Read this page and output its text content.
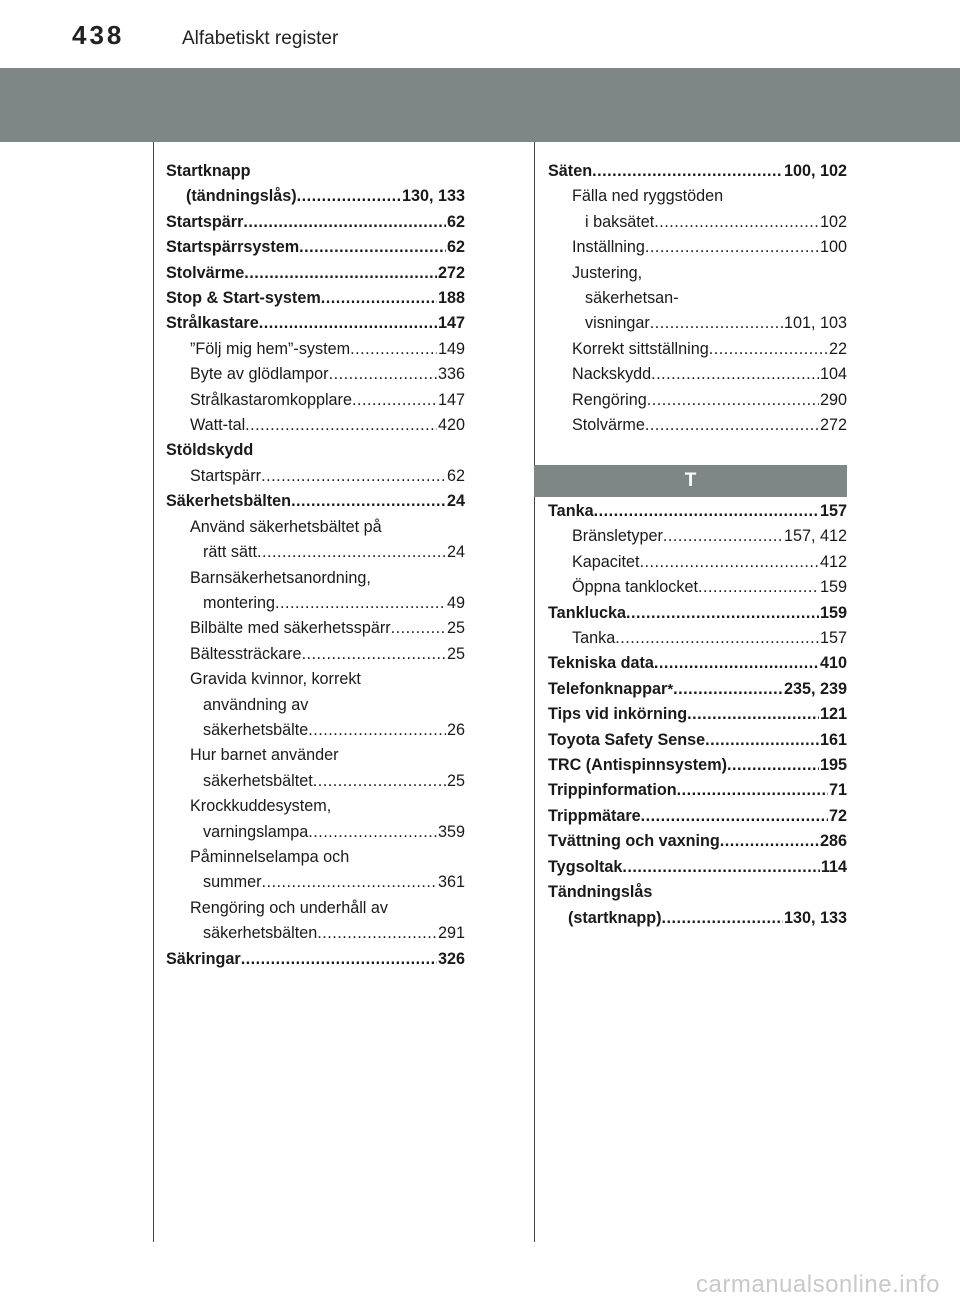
438	Alfabetiskt register
Startknapp
(tändningslås) .....	130, 133
Startspärr .....	62
Startspärrsystem .....	62
Stolvärme .....	272
Stop & Start-system .....	188
Strålkastare .....	147
”Följ mig hem”-system .....	149
Byte av glödlampor .....	336
Strålkastaromkopplare .....	147
Watt-tal .....	420
Stöldskydd
Startspärr .....	62
Säkerhetsbälten .....	24
Använd säkerhetsbältet på
rätt sätt .....	24
Barnsäkerhetsanordning,
montering .....	49
Bilbälte med säkerhetsspärr .....	25
Bältessträckare .....	25
Gravida kvinnor, korrekt
användning av
säkerhetsbälte .....	26
Hur barnet använder
säkerhetsbältet .....	25
Krockkuddesystem,
varningslampa .....	359
Påminnelselampa och
summer .....	361
Rengöring och underhåll av
säkerhetsbälten .....	291
Säkringar .....	326
Säten .....	100, 102
Fälla ned ryggstöden
i baksätet .....	102
Inställning .....	100
Justering,
säkerhetsan-
visningar .....	101, 103
Korrekt sittställning .....	22
Nackskydd .....	104
Rengöring .....	290
Stolvärme .....	272
T
Tanka .....	157
Bränsletyper .....	157, 412
Kapacitet .....	412
Öppna tanklocket .....	159
Tanklucka .....	159
Tanka .....	157
Tekniska data .....	410
Telefonknappar * .....	235, 239
Tips vid inkörning .....	121
Toyota Safety Sense .....	161
TRC (Antispinnsystem) .....	195
Trippinformation .....	71
Trippmätare .....	72
Tvättning och vaxning .....	286
Tygsoltak .....	114
Tändningslås
(startknapp) .....	130, 133
carmanualsonline.info
